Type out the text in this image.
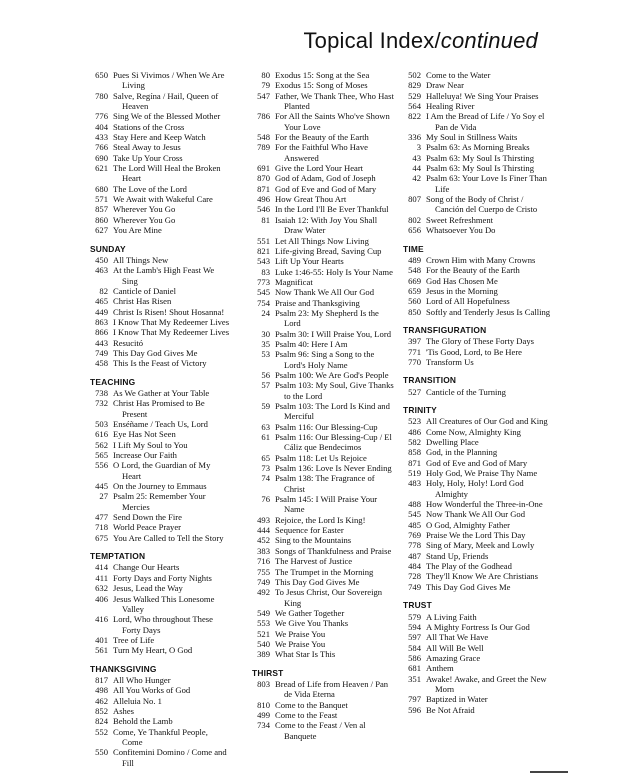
Topical Index/continued
650 Pues Si Vivimos / When We Are Living
780 Salve, Regína / Hail, Queen of Heaven
776 Sing We of the Blessed Mother
404 Stations of the Cross
433 Stay Here and Keep Watch
766 Steal Away to Jesus
690 Take Up Your Cross
621 The Lord Will Heal the Broken Heart
680 The Love of the Lord
571 We Await with Wakeful Care
857 Wherever You Go
860 Wherever You Go
627 You Are Mine
SUNDAY
450 All Things New
463 At the Lamb's High Feast We Sing
82 Canticle of Daniel
465 Christ Has Risen
449 Christ Is Risen! Shout Hosanna!
863 I Know That My Redeemer Lives
866 I Know That My Redeemer Lives
443 Resucitó
749 This Day God Gives Me
458 This Is the Feast of Victory
TEACHING
738 As We Gather at Your Table
732 Christ Has Promised to Be Present
503 Enséñame / Teach Us, Lord
616 Eye Has Not Seen
562 I Lift My Soul to You
565 Increase Our Faith
556 O Lord, the Guardian of My Heart
445 On the Journey to Emmaus
27 Psalm 25: Remember Your Mercies
477 Send Down the Fire
718 World Peace Prayer
675 You Are Called to Tell the Story
TEMPTATION
414 Change Our Hearts
411 Forty Days and Forty Nights
632 Jesus, Lead the Way
406 Jesus Walked This Lonesome Valley
416 Lord, Who throughout These Forty Days
401 Tree of Life
561 Turn My Heart, O God
THANKSGIVING
817 All Who Hunger
498 All You Works of God
462 Alleluia No. 1
852 Ashes
824 Behold the Lamb
552 Come, Ye Thankful People, Come
550 Confitemini Domino / Come and Fill
80 Exodus 15: Song at the Sea
79 Exodus 15: Song of Moses
547 Father, We Thank Thee, Who Hast Planted
786 For All the Saints Who've Shown Your Love
548 For the Beauty of the Earth
789 For the Faithful Who Have Answered
691 Give the Lord Your Heart
870 God of Adam, God of Joseph
871 God of Eve and God of Mary
496 How Great Thou Art
546 In the Lord I'll Be Ever Thankful
81 Isaiah 12: With Joy You Shall Draw Water
551 Let All Things Now Living
821 Life-giving Bread, Saving Cup
543 Lift Up Your Hearts
83 Luke 1:46-55: Holy Is Your Name
773 Magnificat
545 Now Thank We All Our God
754 Praise and Thanksgiving
24 Psalm 23: My Shepherd Is the Lord
30 Psalm 30: I Will Praise You, Lord
35 Psalm 40: Here I Am
53 Psalm 96: Sing a Song to the Lord's Holy Name
56 Psalm 100: We Are God's People
57 Psalm 103: My Soul, Give Thanks to the Lord
59 Psalm 103: The Lord Is Kind and Merciful
63 Psalm 116: Our Blessing-Cup
61 Psalm 116: Our Blessing-Cup / El Cáliz que Bendecimos
65 Psalm 118: Let Us Rejoice
73 Psalm 136: Love Is Never Ending
74 Psalm 138: The Fragrance of Christ
76 Psalm 145: I Will Praise Your Name
493 Rejoice, the Lord Is King!
444 Sequence for Easter
452 Sing to the Mountains
383 Songs of Thankfulness and Praise
716 The Harvest of Justice
755 The Trumpet in the Morning
749 This Day God Gives Me
492 To Jesus Christ, Our Sovereign King
549 We Gather Together
553 We Give You Thanks
521 We Praise You
540 We Praise You
389 What Star Is This
THIRST
803 Bread of Life from Heaven / Pan de Vida Eterna
810 Come to the Banquet
499 Come to the Feast
734 Come to the Feast / Ven al Banquete
502 Come to the Water
829 Draw Near
529 Halleluya! We Sing Your Praises
564 Healing River
822 I Am the Bread of Life / Yo Soy el Pan de Vida
336 My Soul in Stillness Waits
3 Psalm 63: As Morning Breaks
43 Psalm 63: My Soul Is Thirsting
44 Psalm 63: My Soul Is Thirsting
42 Psalm 63: Your Love Is Finer Than Life
807 Song of the Body of Christ / Canción del Cuerpo de Cristo
802 Sweet Refreshment
656 Whatsoever You Do
TIME
489 Crown Him with Many Crowns
548 For the Beauty of the Earth
669 God Has Chosen Me
659 Jesus in the Morning
560 Lord of All Hopefulness
850 Softly and Tenderly Jesus Is Calling
TRANSFIGURATION
397 The Glory of These Forty Days
771 'Tis Good, Lord, to Be Here
770 Transform Us
TRANSITION
527 Canticle of the Turning
TRINITY
523 All Creatures of Our God and King
486 Come Now, Almighty King
582 Dwelling Place
858 God, in the Planning
871 God of Eve and God of Mary
519 Holy God, We Praise Thy Name
483 Holy, Holy, Holy! Lord God Almighty
488 How Wonderful the Three-in-One
545 Now Thank We All Our God
485 O God, Almighty Father
769 Praise We the Lord This Day
778 Sing of Mary, Meek and Lowly
487 Stand Up, Friends
484 The Play of the Godhead
728 They'll Know We Are Christians
749 This Day God Gives Me
TRUST
579 A Living Faith
594 A Mighty Fortress Is Our God
597 All That We Have
584 All Will Be Well
586 Amazing Grace
681 Anthem
351 Awake! Awake, and Greet the New Morn
797 Baptized in Water
596 Be Not Afraid
